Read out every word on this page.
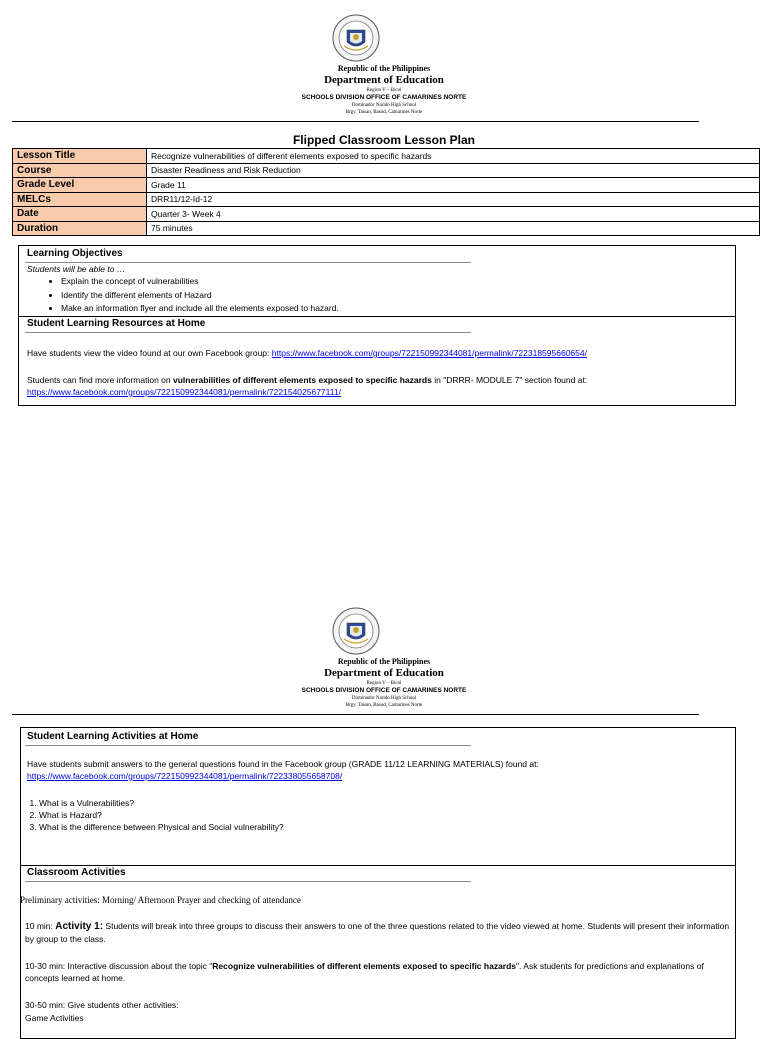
Republic of the Philippines
Department of Education
Region V – Bicol
SCHOOLS DIVISION OFFICE OF CAMARINES NORTE
Dominador Narido High School
Brgy. Taisan, Basud, Camarines Norte
Flipped Classroom Lesson Plan
Lesson Title	Recognize vulnerabilities of different elements exposed to specific hazards
Course	Disaster Readiness and Risk Reduction
Grade Level	Grade 11
MELCs	DRR11/12-Id-12
Date	Quarter 3- Week 4
Duration	75 minutes
Learning Objectives
Students will be able to …
• Explain the concept of vulnerabilities
• Identify the different elements of Hazard
• Make an information flyer and include all the elements exposed to hazard.
Student Learning Resources at Home
Have students view the video found at our own Facebook group: https://www.facebook.com/groups/722150992344081/permalink/722318595660654/
Students can find more information on vulnerabilities of different elements exposed to specific hazards in "DRRR- MODULE 7" section found at:
https://www.facebook.com/groups/722150992344081/permalink/722154025677111/
Republic of the Philippines
Department of Education
Region V – Bicol
SCHOOLS DIVISION OFFICE OF CAMARINES NORTE
Dominador Narido High School
Brgy. Taisan, Basud, Camarines Norte
Student Learning Activities at Home
Have students submit answers to the general questions found in the Facebook group (GRADE 11/12 LEARNING MATERIALS) found at:
https://www.facebook.com/groups/722150992344081/permalink/722338055658708/
1. What is a Vulnerabilities?
2. What is Hazard?
3. What is the difference between Physical and Social vulnerability?
Classroom Activities
Preliminary activities: Morning/ Afternoon Prayer and checking of attendance
10 min: Activity 1: Students will break into three groups to discuss their answers to one of the three questions related to the video viewed at home. Students will present their information by group to the class.
10-30 min: Interactive discussion about the topic "Recognize vulnerabilities of different elements exposed to specific hazards". Ask students for predictions and explanations of concepts learned at home.
30-50 min: Give students other activities:
Game Activities
